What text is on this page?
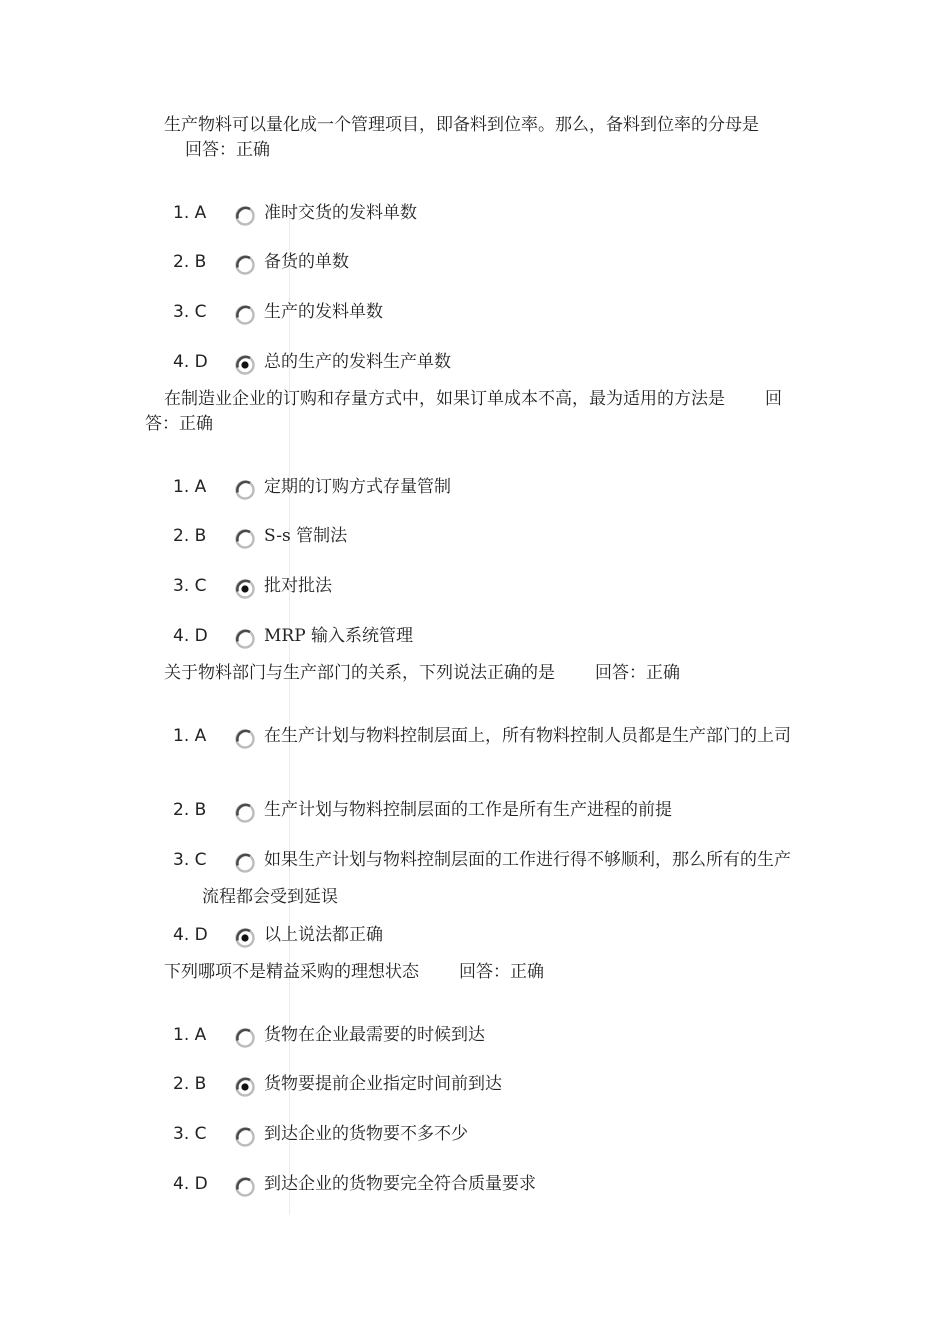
生产物料可以量化成一个管理项目，即备料到位率。那么，备料到位率的分母是回答：正确
1. A	准时交货的发料单数
2. B	备货的单数
3. C	生产的发料单数
4. D	总的生产的发料生产单数
在制造业企业的订购和存量方式中，如果订单成本不高，最为适用的方法是 回答：正确
1. A	定期的订购方式存量管制
2. B	S-s 管制法
3. C	批对批法
4. D	MRP 输入系统管理
关于物料部门与生产部门的关系，下列说法正确的是 回答：正确
1. A	在生产计划与物料控制层面上，所有物料控制人员都是生产部门的上司
2. B	生产计划与物料控制层面的工作是所有生产进程的前提
3. C	如果生产计划与物料控制层面的工作进行得不够顺利，那么所有的生产流程都会受到延误
4. D	以上说法都正确
下列哪项不是精益采购的理想状态 回答：正确
1. A	货物在企业最需要的时候到达
2. B	货物要提前企业指定时间前到达
3. C	到达企业的货物要不多不少
4. D	到达企业的货物要完全符合质量要求
